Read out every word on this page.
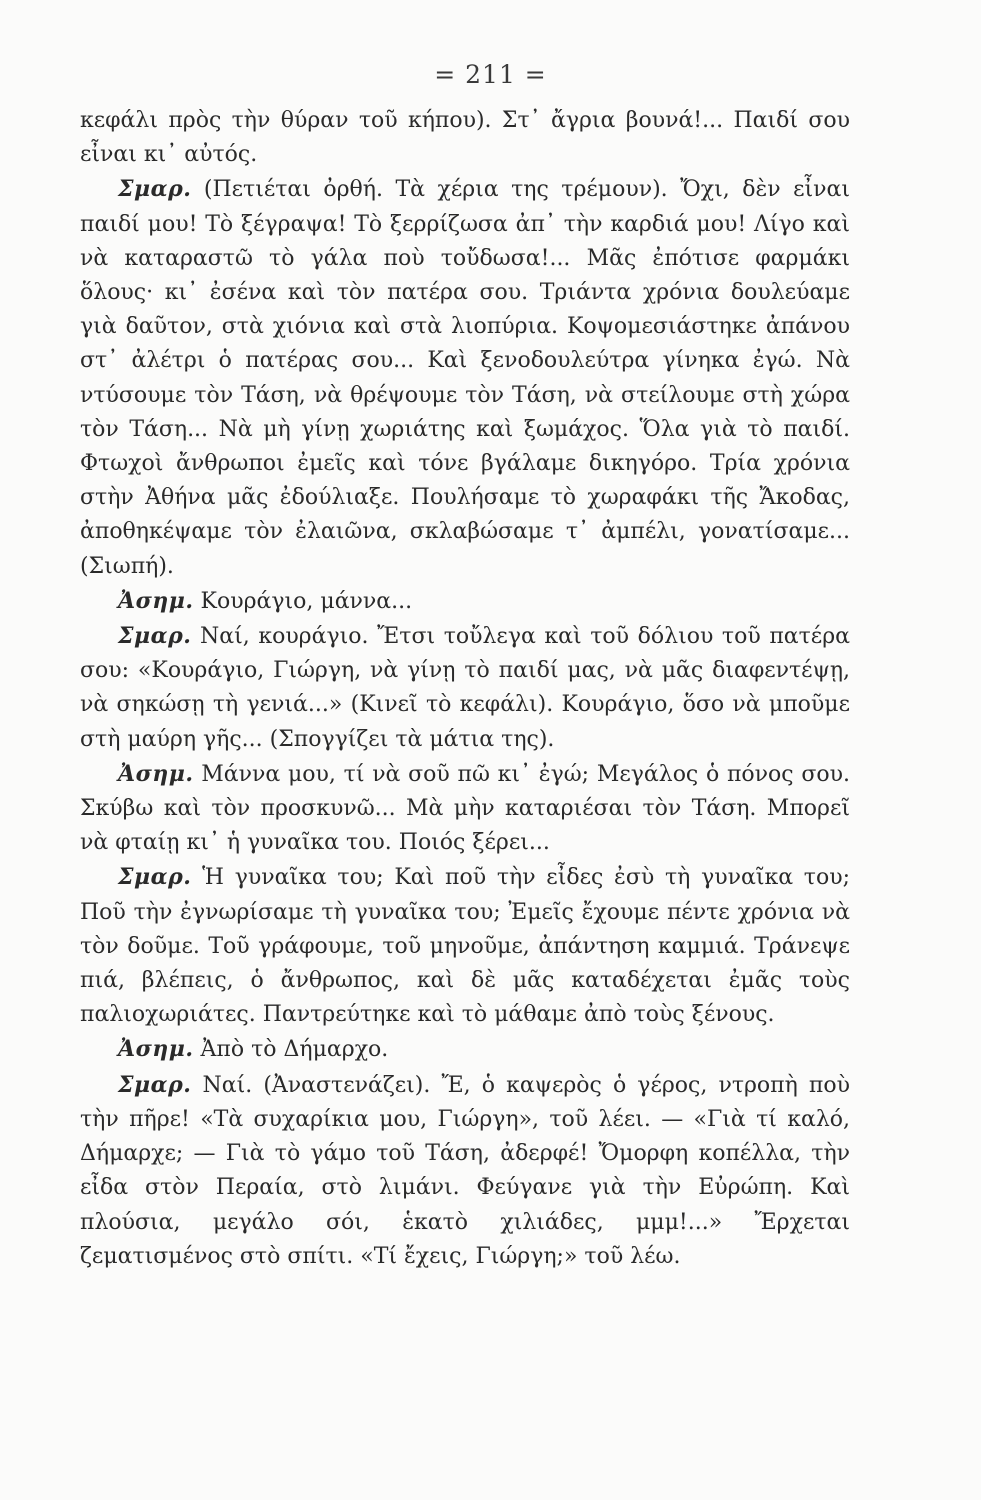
= 211 =

κεφάλι πρὸς τὴν θύραν τοῦ κήπου). Στ᾿ ἄγρια βουνά!... Παιδί σου εἶναι κι᾿ αὐτός.

Σμαρ. (Πετιέται ὀρθή. Τὰ χέρια της τρέμουν). Ὄχι, δὲν εἶναι παιδί μου! Τὸ ξέγραψα! Τὸ ξερρίζωσα ἀπ᾿ τὴν καρδιά μου! Λίγο καὶ νὰ καταραστῶ τὸ γάλα ποὺ τοὔδωσα!... Μᾶς ἐπότισε φαρμάκι ὅλους· κι᾿ ἐσένα καὶ τὸν πατέρα σου. Τριάντα χρόνια δουλεύαμε γιὰ δαῦτον, στὰ χιόνια καὶ στὰ λιοπύρια. Κοψομεσιάστηκε ἀπάνου στ᾿ ἀλέτρι ὁ πατέρας σου... Καὶ ξενοδουλεύτρα γίνηκα ἐγώ. Νὰ ντύσουμε τὸν Τάση, νὰ θρέψουμε τὸν Τάση, νὰ στείλουμε στὴ χώρα τὸν Τάση... Νὰ μὴ γίνῃ χωριάτης καὶ ξωμάχος. Ὅλα γιὰ τὸ παιδί. Φτωχοὶ ἄνθρωποι ἐμεῖς καὶ τόνε βγάλαμε δικηγόρο. Τρία χρόνια στὴν Ἀθήνα μᾶς ἐδούλιαξε. Πουλήσαμε τὸ χωραφάκι τῆς Ἄκοδας, ἀποθηκέψαμε τὸν ἐλαιῶνα, σκλαβώσαμε τ᾿ ἀμπέλι, γονατίσαμε... (Σιωπή).

Ἀσημ. Κουράγιο, μάννα...

Σμαρ. Ναί, κουράγιο. Ἔτσι τοὔλεγα καὶ τοῦ δόλιου τοῦ πατέρα σου: «Κουράγιο, Γιώργη, νὰ γίνῃ τὸ παιδί μας, νὰ μᾶς διαφεντέψῃ, νὰ σηκώσῃ τὴ γενιά...» (Κινεῖ τὸ κεφάλι). Κουράγιο, ὅσο νὰ μποῦμε στὴ μαύρη γῆς... (Σπογγίζει τὰ μάτια της).

Ἀσημ. Μάννα μου, τί νὰ σοῦ πῶ κι᾿ ἐγώ; Μεγάλος ὁ πόνος σου. Σκύβω καὶ τὸν προσκυνῶ... Μὰ μὴν καταριέσαι τὸν Τάση. Μπορεῖ νὰ φταίῃ κι᾿ ἡ γυναῖκα του. Ποιός ξέρει...

Σμαρ. Ἡ γυναῖκα του; Καὶ ποῦ τὴν εἶδες ἐσὺ τὴ γυναῖκα του; Ποῦ τὴν ἐγνωρίσαμε τὴ γυναῖκα του; Ἐμεῖς ἔχουμε πέντε χρόνια νὰ τὸν δοῦμε. Τοῦ γράφουμε, τοῦ μηνοῦμε, ἀπάντηση καμμιά. Τράνεψε πιά, βλέπεις, ὁ ἄνθρωπος, καὶ δὲ μᾶς καταδέχεται ἐμᾶς τοὺς παλιοχωριάτες. Παντρεύτηκε καὶ τὸ μάθαμε ἀπὸ τοὺς ξένους.

Ἀσημ. Ἀπὸ τὸ Δήμαρχο.

Σμαρ. Ναί. (Ἀναστενάζει). Ἔ, ὁ καψερὸς ὁ γέρος, ντροπὴ ποὺ τὴν πῆρε! «Τὰ συχαρίκια μου, Γιώργη», τοῦ λέει. — «Γιὰ τί καλό, Δήμαρχε; — Γιὰ τὸ γάμο τοῦ Τάση, ἀδερφέ! Ὄμορφη κοπέλλα, τὴν εἶδα στὸν Περαία, στὸ λιμάνι. Φεύγανε γιὰ τὴν Εὐρώπη. Καὶ πλούσια, μεγάλο σόι, ἑκατὸ χιλιάδες, μμμ!...» Ἔρχεται ζεματισμένος στὸ σπίτι. «Τί ἔχεις, Γιώργη;» τοῦ λέω.
